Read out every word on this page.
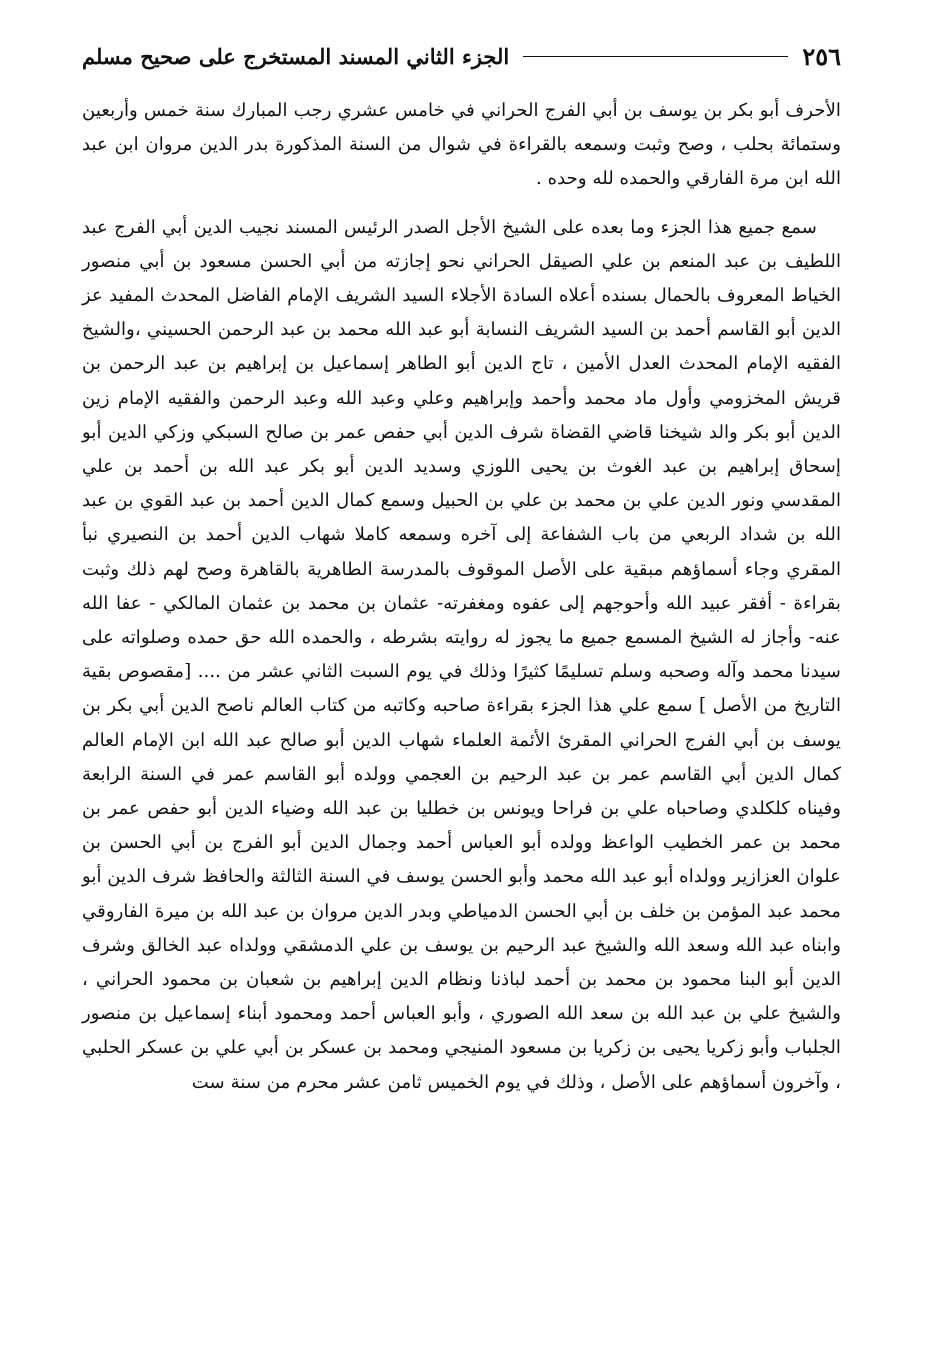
٢٥٦
الجزء الثاني المسند المستخرج على صحيح مسلم

الأحرف أبو بكر بن يوسف بن أبي الفرج الحراني في خامس عشري رجب المبارك سنة خمس وأربعين وستمائة بحلب ، وصح وثبت وسمعه بالقراءة في شوال من السنة المذكورة بدر الدين مروان ابن عبد الله ابن مرة الفارقي والحمده لله وحده .

سمع جميع هذا الجزء وما بعده على الشيخ الأجل الصدر الرئيس المسند نجيب الدين أبي الفرج عبد اللطيف بن عبد المنعم بن علي الصيقل الحراني نحو إجازته من أبي الحسن مسعود بن أبي منصور الخياط المعروف بالحمال بسنده أعلاه السادة الأجلاء السيد الشريف الإمام الفاضل المحدث المفيد عز الدين أبو القاسم أحمد بن السيد الشريف النسابة أبو عبد الله محمد بن عبد الرحمن الحسيني ،والشيخ الفقيه الإمام المحدث العدل الأمين ، تاج الدين أبو الطاهر إسماعيل بن إبراهيم بن عبد الرحمن بن قريش المخزومي وأول ماد محمد وأحمد وإبراهيم وعلي وعبد الله وعبد الرحمن والفقيه الإمام زين الدين أبو بكر والد شيخنا قاضي القضاة شرف الدين أبي حفص عمر بن صالح السبكي وزكي الدين أبو إسحاق إبراهيم بن عبد الغوث بن يحيى اللوزي وسديد الدين أبو بكر عبد الله بن أحمد بن علي المقدسي ونور الدين علي بن محمد بن علي بن الحبيل وسمع كمال الدين أحمد بن عبد القوي بن عبد الله بن شداد الربعي من باب الشفاعة إلى آخره وسمعه كاملا شهاب الدين أحمد بن النصيري نبأ المقري وجاء أسماؤهم مبقية على الأصل الموقوف بالمدرسة الطاهرية بالقاهرة وصح لهم ذلك وثبت بقراءة - أفقر عبيد الله وأحوجهم إلى عفوه ومغفرته- عثمان بن محمد بن عثمان المالكي - عفا الله عنه- وأجاز له الشيخ المسمع جميع ما يجوز له روايته بشرطه ، والحمده الله حق حمده وصلواته على سيدنا محمد وآله وصحبه وسلم تسليمًا كثيرًا وذلك في يوم السبت الثاني عشر من .... [مقصوص بقية التاريخ من الأصل ] سمع علي هذا الجزء بقراءة صاحبه وكاتبه من كتاب العالم ناصح الدين أبي بكر بن يوسف بن أبي الفرج الحراني المقرئ الأئمة العلماء شهاب الدين أبو صالح عبد الله ابن الإمام العالم كمال الدين أبي القاسم عمر بن عبد الرحيم بن العجمي وولده أبو القاسم عمر في السنة الرابعة وفيناه كلكلدي وصاحباه علي بن فراحا ويونس بن خطليا بن عبد الله وضياء الدين أبو حفص عمر بن محمد بن عمر الخطيب الواعظ وولده أبو العباس أحمد وجمال الدين أبو الفرج بن أبي الحسن بن علوان العزازير وولداه أبو عبد الله محمد وأبو الحسن يوسف في السنة الثالثة والحافظ شرف الدين أبو محمد عبد المؤمن بن خلف بن أبي الحسن الدمياطي وبدر الدين مروان بن عبد الله بن ميرة الفاروقي وابناه عبد الله وسعد الله والشيخ عبد الرحيم بن يوسف بن علي الدمشقي وولداه عبد الخالق وشرف الدين أبو البنا محمود بن محمد بن أحمد لباذنا ونظام الدين إبراهيم بن شعبان بن محمود الحراني ، والشيخ علي بن عبد الله بن سعد الله الصوري ، وأبو العباس أحمد ومحمود أبناء إسماعيل بن منصور الجلباب وأبو زكريا يحيى بن زكريا بن مسعود المنيجي ومحمد بن عسكر بن أبي علي بن عسكر الحلبي ، وآخرون أسماؤهم على الأصل ، وذلك في يوم الخميس ثامن عشر محرم من سنة ست
